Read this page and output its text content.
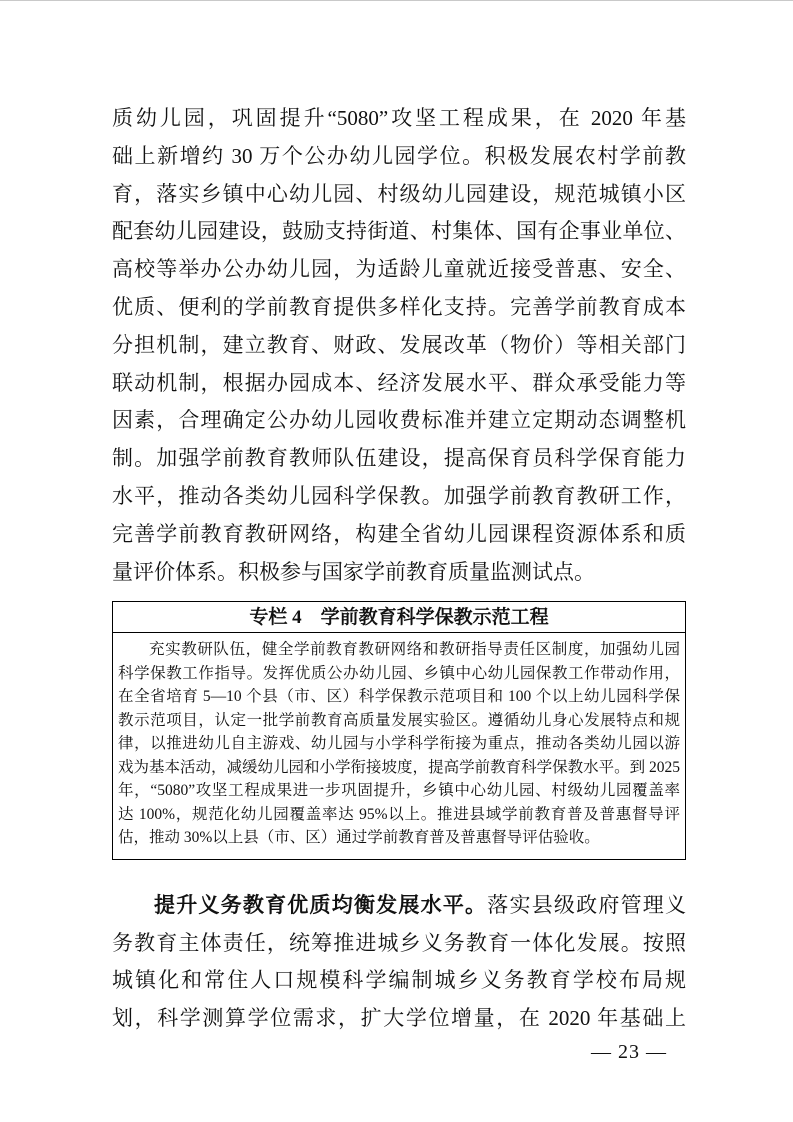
质幼儿园，巩固提升“5080”攻坚工程成果，在 2020 年基
础上新增约 30 万个公办幼儿园学位。积极发展农村学前教
育，落实乡镇中心幼儿园、村级幼儿园建设，规范城镇小区
配套幼儿园建设，鼓励支持街道、村集体、国有企事业单位、
高校等举办公办幼儿园，为适龄儿童就近接受普惠、安全、
优质、便利的学前教育提供多样化支持。完善学前教育成本
分担机制，建立教育、财政、发展改革（物价）等相关部门
联动机制，根据办园成本、经济发展水平、群众承受能力等
因素，合理确定公办幼儿园收费标准并建立定期动态调整机
制。加强学前教育教师队伍建设，提高保育员科学保育能力
水平，推动各类幼儿园科学保教。加强学前教育教研工作，
完善学前教育教研网络，构建全省幼儿园课程资源体系和质
量评价体系。积极参与国家学前教育质量监测试点。
专栏 4　学前教育科学保教示范工程
充实教研队伍，健全学前教育教研网络和教研指导责任区制度，加强幼儿园
科学保教工作指导。发挥优质公办幼儿园、乡镇中心幼儿园保教工作带动作用，
在全省培育 5—10 个县（市、区）科学保教示范项目和 100 个以上幼儿园科学保
教示范项目，认定一批学前教育高质量发展实验区。遵循幼儿身心发展特点和规
律，以推进幼儿自主游戏、幼儿园与小学科学衔接为重点，推动各类幼儿园以游
戏为基本活动，减缓幼儿园和小学衔接坡度，提高学前教育科学保教水平。到 2025
年，“5080”攻坚工程成果进一步巩固提升，乡镇中心幼儿园、村级幼儿园覆盖率
达 100%，规范化幼儿园覆盖率达 95%以上。推进县域学前教育普及普惠督导评
估，推动 30%以上县（市、区）通过学前教育普及普惠督导评估验收。
提升义务教育优质均衡发展水平。落实县级政府管理义
务教育主体责任，统筹推进城乡义务教育一体化发展。按照
城镇化和常住人口规模科学编制城乡义务教育学校布局规
划，科学测算学位需求，扩大学位增量，在 2020 年基础上
— 23 —
